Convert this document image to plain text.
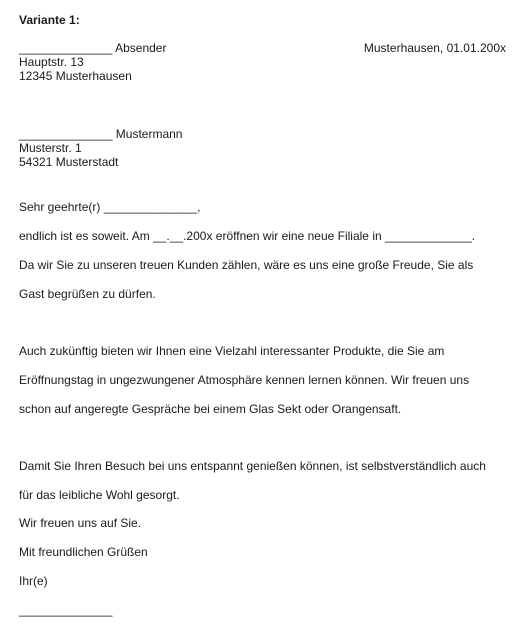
Variante 1:
______________ Absender	Musterhausen, 01.01.200x
Hauptstr. 13
12345 Musterhausen
______________ Mustermann
Musterstr. 1
54321 Musterstadt
Sehr geehrte(r) ______________,
endlich ist es soweit. Am __.__.200x eröffnen wir eine neue Filiale in _____________.
Da wir Sie zu unseren treuen Kunden zählen, wäre es uns eine große Freude, Sie als
Gast begrüßen zu dürfen.
Auch zukünftig bieten wir Ihnen eine Vielzahl interessanter Produkte, die Sie am
Eröffnungstag in ungezwungener Atmosphäre kennen lernen können. Wir freuen uns
schon auf angeregte Gespräche bei einem Glas Sekt oder Orangensaft.
Damit Sie Ihren Besuch bei uns entspannt genießen können, ist selbstverständlich auch
für das leibliche Wohl gesorgt.
Wir freuen uns auf Sie.
Mit freundlichen Grüßen
Ihr(e)
______________
